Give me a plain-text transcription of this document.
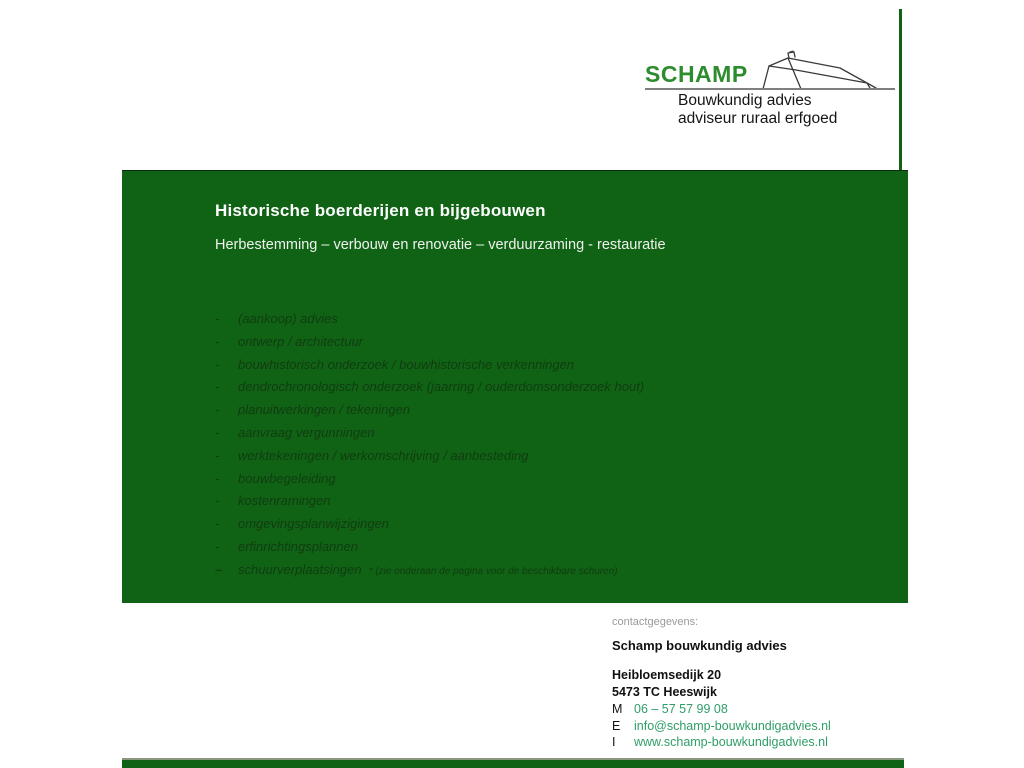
SCHAMP
Bouwkundig advies
adviseur ruraal erfgoed
Historische boerderijen en bijgebouwen
Herbestemming – verbouw en renovatie – verduurzaming - restauratie
-	(aankoop) advies
-	ontwerp / architectuur
-	bouwhistorisch onderzoek / bouwhistorische verkenningen
-	dendrochronologisch onderzoek (jaarring / ouderdomsonderzoek hout)
-	planuitwerkingen / tekeningen
-	aanvraag vergunningen
-	werktekeningen / werkomschrijving / aanbesteding
-	bouwbegeleiding
-	kostenramingen
-	omgevingsplanwijzigingen
-	erfinrichtingsplannen
–	schuurverplaatsingen * (zie onderaan de pagina voor de beschikbare schuren)

contactgegevens:

Schamp bouwkundig advies

Heibloemsedijk 20

5473 TC Heeswijk

M 06 – 57 57 99 08

E	info@schamp-bouwkundigadvies.nl

I	www.schamp-bouwkundigadvies.nl
